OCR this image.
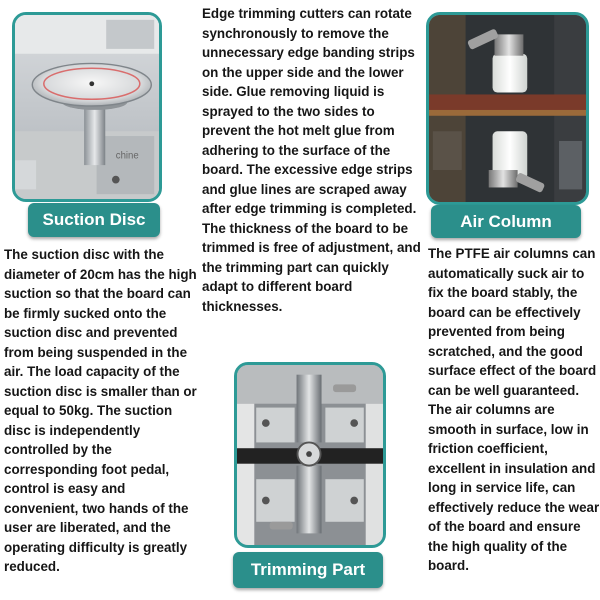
chine
Suction Disc

The suction disc with the diameter of 20cm has the high suction so that the board can be firmly sucked onto the suction disc and prevented from being suspended in the air. The load capacity of the suction disc is smaller than or equal to 50kg. The suction disc is independently controlled by the corresponding foot pedal, control is easy and convenient, two hands of the user are liberated, and the operating difficulty is greatly reduced.

Edge trimming cutters can rotate synchronously to remove the unnecessary edge banding strips on the upper side and the lower side. Glue removing liquid is sprayed to the two sides to prevent the hot melt glue from adhering to the surface of the board. The excessive edge strips and glue lines are scraped away after edge trimming is completed. The thickness of the board to be trimmed is free of adjustment, and the trimming part can quickly adapt to different board thicknesses.

Air Column

The PTFE air columns can automatically suck air to fix the board stably, the board can be effectively prevented from being scratched, and the good surface effect of the board can be well guaranteed. The air columns are smooth in surface, low in friction coefficient, excellent in insulation and long in service life, can effectively reduce the wear of the board and ensure the high quality of the board.

Trimming Part
